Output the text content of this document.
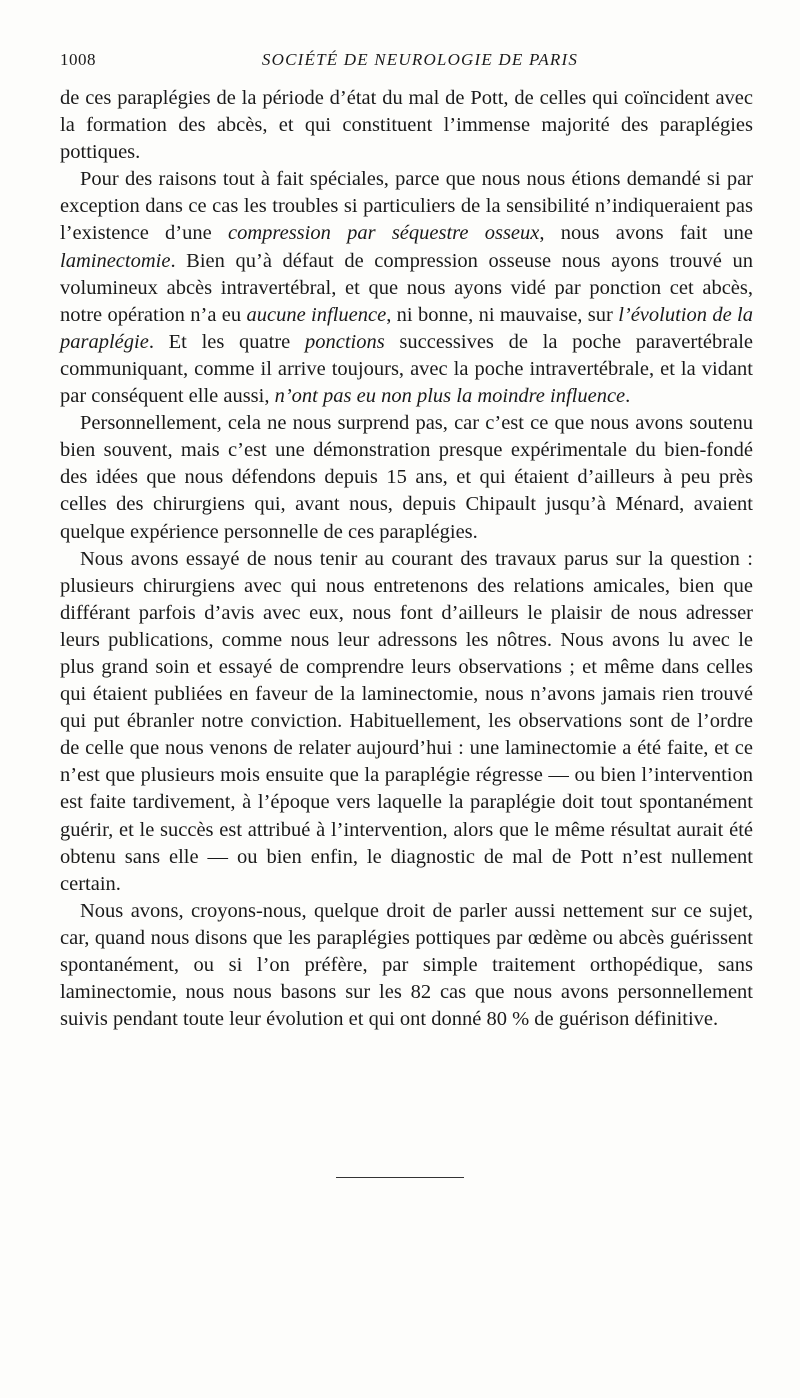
1008	SOCIÉTÉ DE NEUROLOGIE DE PARIS

de ces paraplégies de la période d’état du mal de Pott, de celles qui coïncident avec la formation des abcès, et qui constituent l’immense majorité des paraplégies pottiques.

Pour des raisons tout à fait spéciales, parce que nous nous étions demandé si par exception dans ce cas les troubles si particuliers de la sensibilité n’indiqueraient pas l’existence d’une compression par séquestre osseux, nous avons fait une laminectomie. Bien qu’à défaut de compression osseuse nous ayons trouvé un volumineux abcès intravertébral, et que nous ayons vidé par ponction cet abcès, notre opération n’a eu aucune influence, ni bonne, ni mauvaise, sur l’évolution de la paraplégie. Et les quatre ponctions successives de la poche paravertébrale communiquant, comme il arrive toujours, avec la poche intravertébrale, et la vidant par conséquent elle aussi, n’ont pas eu non plus la moindre influence.

Personnellement, cela ne nous surprend pas, car c’est ce que nous avons soutenu bien souvent, mais c’est une démonstration presque expérimentale du bien-fondé des idées que nous défendons depuis 15 ans, et qui étaient d’ailleurs à peu près celles des chirurgiens qui, avant nous, depuis Chipault jusqu’à Ménard, avaient quelque expérience personnelle de ces paraplégies.

Nous avons essayé de nous tenir au courant des travaux parus sur la question : plusieurs chirurgiens avec qui nous entretenons des relations amicales, bien que différant parfois d’avis avec eux, nous font d’ailleurs le plaisir de nous adresser leurs publications, comme nous leur adressons les nôtres. Nous avons lu avec le plus grand soin et essayé de comprendre leurs observations ; et même dans celles qui étaient publiées en faveur de la laminectomie, nous n’avons jamais rien trouvé qui put ébranler notre conviction. Habituellement, les observations sont de l’ordre de celle que nous venons de relater aujourd’hui : une laminectomie a été faite, et ce n’est que plusieurs mois ensuite que la paraplégie régresse — ou bien l’intervention est faite tardivement, à l’époque vers laquelle la paraplégie doit tout spontanément guérir, et le succès est attribué à l’intervention, alors que le même résultat aurait été obtenu sans elle — ou bien enfin, le diagnostic de mal de Pott n’est nullement certain.

Nous avons, croyons-nous, quelque droit de parler aussi nettement sur ce sujet, car, quand nous disons que les paraplégies pottiques par œdème ou abcès guérissent spontanément, ou si l’on préfère, par simple traitement orthopédique, sans laminectomie, nous nous basons sur les 82 cas que nous avons personnellement suivis pendant toute leur évolution et qui ont donné 80 % de guérison définitive.
